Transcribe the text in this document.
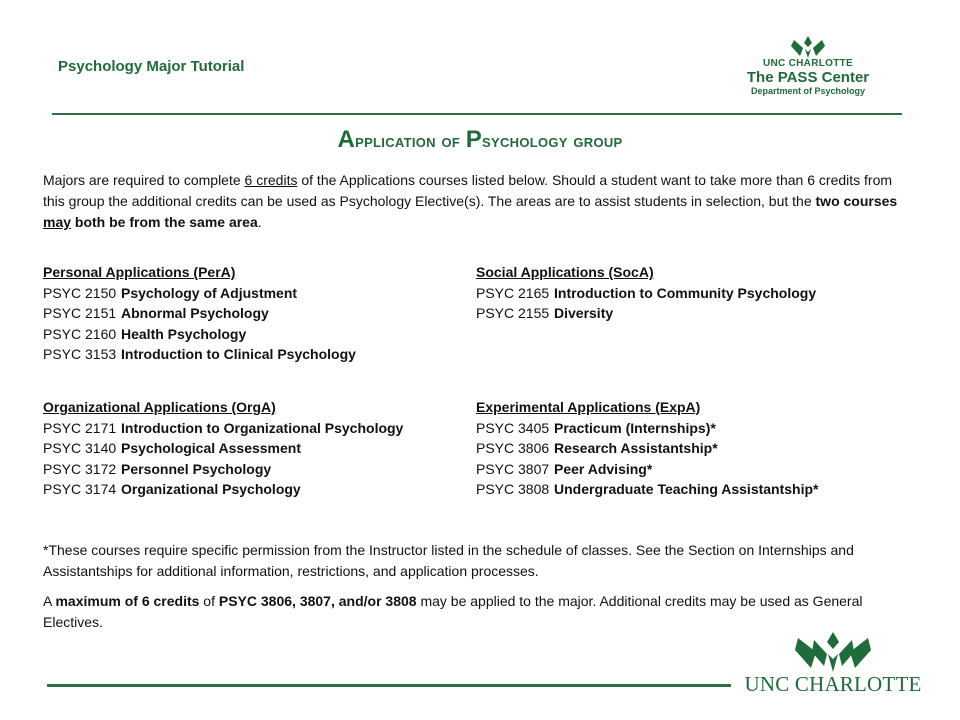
Psychology Major Tutorial	UNC CHARLOTTE
The PASS Center
Department of Psychology
Application of Psychology group
Majors are required to complete 6 credits of the Applications courses listed below. Should a student want to take more than 6 credits from this group the additional credits can be used as Psychology Elective(s). The areas are to assist students in selection, but the two courses may both be from the same area.
Personal Applications (PerA)
PSYC 2150 Psychology of Adjustment
PSYC 2151 Abnormal Psychology
PSYC 2160 Health Psychology
PSYC 3153 Introduction to Clinical Psychology
Social Applications (SocA)
PSYC 2165 Introduction to Community Psychology
PSYC 2155 Diversity
Organizational Applications (OrgA)
PSYC 2171 Introduction to Organizational Psychology
PSYC 3140 Psychological Assessment
PSYC 3172 Personnel Psychology
PSYC 3174 Organizational Psychology
Experimental Applications (ExpA)
PSYC 3405 Practicum (Internships)*
PSYC 3806 Research Assistantship*
PSYC 3807 Peer Advising*
PSYC 3808 Undergraduate Teaching Assistantship*
*These courses require specific permission from the Instructor listed in the schedule of classes. See the Section on Internships and Assistantships for additional information, restrictions, and application processes.
A maximum of 6 credits of PSYC 3806, 3807, and/or 3808 may be applied to the major. Additional credits may be used as General Electives.
UNC CHARLOTTE
